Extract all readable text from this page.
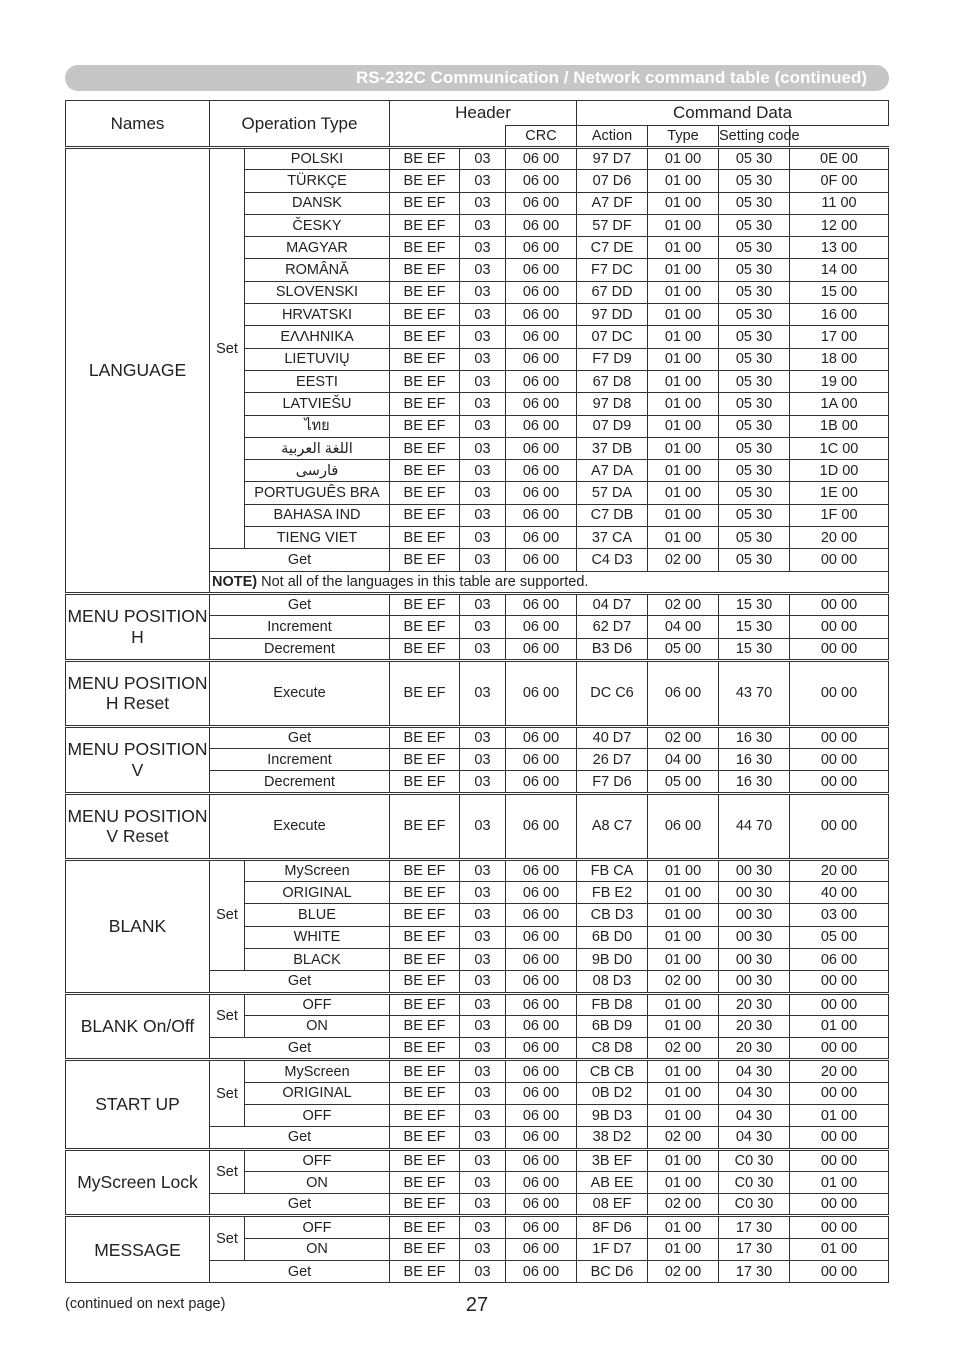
RS-232C Communication / Network command table (continued)
Names	Operation Type		Header			Command Data			
					CRC	Action	Type	Setting code
LANGUAGE	Set	POLSKI	BE EF	03	06 00	97 D7	01 00	05 30	0E 00
		TÜRKÇE	BE EF	03	06 00	07 D6	01 00	05 30	0F 00
		DANSK	BE EF	03	06 00	A7 DF	01 00	05 30	11 00
		ČESKY	BE EF	03	06 00	57 DF	01 00	05 30	12 00
		MAGYAR	BE EF	03	06 00	C7 DE	01 00	05 30	13 00
		ROMÂNĂ	BE EF	03	06 00	F7 DC	01 00	05 30	14 00
		SLOVENSKI	BE EF	03	06 00	67 DD	01 00	05 30	15 00
		HRVATSKI	BE EF	03	06 00	97 DD	01 00	05 30	16 00
		ΕΛΛΗΝΙΚΑ	BE EF	03	06 00	07 DC	01 00	05 30	17 00
		LIETUVIŲ	BE EF	03	06 00	F7 D9	01 00	05 30	18 00
		EESTI	BE EF	03	06 00	67 D8	01 00	05 30	19 00
		LATVIEŠU	BE EF	03	06 00	97 D8	01 00	05 30	1A 00
		ไทย	BE EF	03	06 00	07 D9	01 00	05 30	1B 00
		اللغة العربية	BE EF	03	06 00	37 DB	01 00	05 30	1C 00
		فارسی	BE EF	03	06 00	A7 DA	01 00	05 30	1D 00
		PORTUGUÊS BRA	BE EF	03	06 00	57 DA	01 00	05 30	1E 00
		BAHASA IND	BE EF	03	06 00	C7 DB	01 00	05 30	1F 00
		TIENG VIET	BE EF	03	06 00	37 CA	01 00	05 30	20 00
	Get		BE EF	03	06 00	C4 D3	02 00	05 30	00 00
	NOTE) Not all of the languages in this table are supported.								
MENU POSITION H	Get		BE EF	03	06 00	04 D7	02 00	15 30	00 00
	Increment		BE EF	03	06 00	62 D7	04 00	15 30	00 00
	Decrement		BE EF	03	06 00	B3 D6	05 00	15 30	00 00
MENU POSITION H Reset	Execute		BE EF	03	06 00	DC C6	06 00	43 70	00 00
MENU POSITION V	Get		BE EF	03	06 00	40 D7	02 00	16 30	00 00
	Increment		BE EF	03	06 00	26 D7	04 00	16 30	00 00
	Decrement		BE EF	03	06 00	F7 D6	05 00	16 30	00 00
MENU POSITION V Reset	Execute		BE EF	03	06 00	A8 C7	06 00	44 70	00 00
BLANK	Set	MyScreen	BE EF	03	06 00	FB CA	01 00	00 30	20 00
		ORIGINAL	BE EF	03	06 00	FB E2	01 00	00 30	40 00
		BLUE	BE EF	03	06 00	CB D3	01 00	00 30	03 00
		WHITE	BE EF	03	06 00	6B D0	01 00	00 30	05 00
		BLACK	BE EF	03	06 00	9B D0	01 00	00 30	06 00
	Get		BE EF	03	06 00	08 D3	02 00	00 30	00 00
BLANK On/Off	Set	OFF	BE EF	03	06 00	FB D8	01 00	20 30	00 00
		ON	BE EF	03	06 00	6B D9	01 00	20 30	01 00
	Get		BE EF	03	06 00	C8 D8	02 00	20 30	00 00
START UP	Set	MyScreen	BE EF	03	06 00	CB CB	01 00	04 30	20 00
		ORIGINAL	BE EF	03	06 00	0B D2	01 00	04 30	00 00
		OFF	BE EF	03	06 00	9B D3	01 00	04 30	01 00
	Get		BE EF	03	06 00	38 D2	02 00	04 30	00 00
MyScreen Lock	Set	OFF	BE EF	03	06 00	3B EF	01 00	C0 30	00 00
		ON	BE EF	03	06 00	AB EE	01 00	C0 30	01 00
	Get		BE EF	03	06 00	08 EF	02 00	C0 30	00 00
MESSAGE	Set	OFF	BE EF	03	06 00	8F D6	01 00	17 30	00 00
		ON	BE EF	03	06 00	1F D7	01 00	17 30	01 00
	Get		BE EF	03	06 00	BC D6	02 00	17 30	00 00
(continued on next page)	27
